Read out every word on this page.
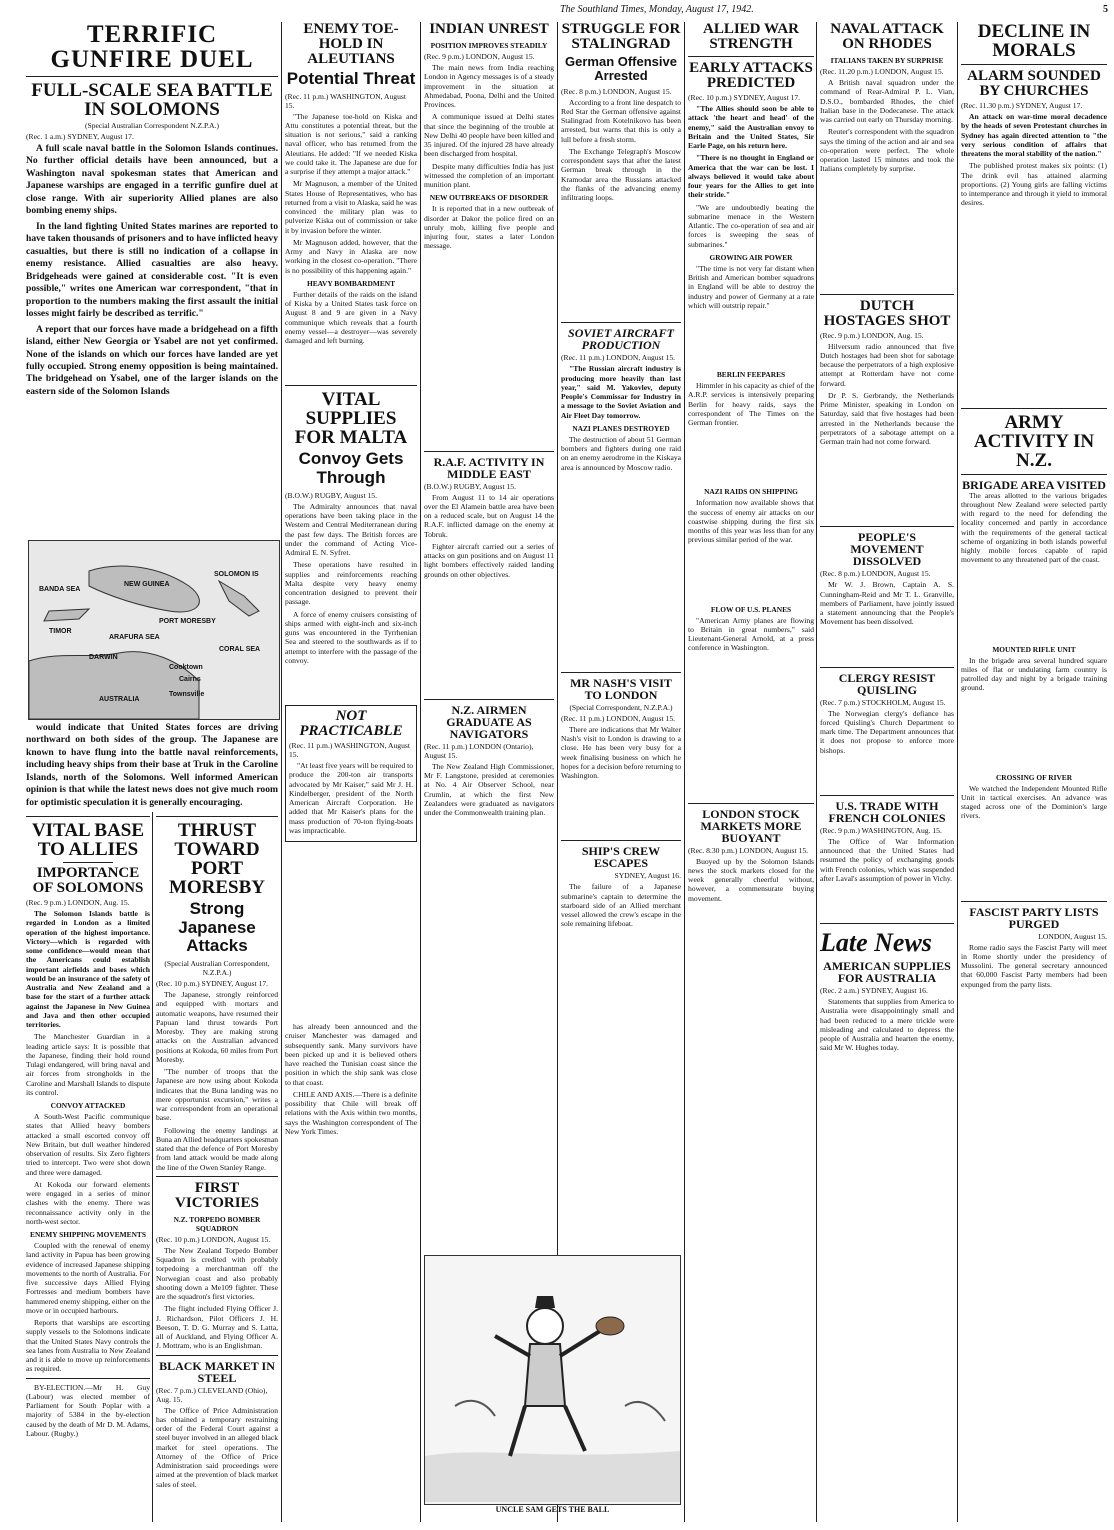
The Southland Times, Monday, August 17, 1942.	5
TERRIFIC GUNFIRE DUEL
FULL-SCALE SEA BATTLE IN SOLOMONS
(Special Australian Correspondent N.Z.P.A.)
(Rec. 1 a.m.) SYDNEY, August 17.

A full scale naval battle in the Solomon Islands continues. No further official details have been announced, but a Washington naval spokesman states that American and Japanese warships are engaged in a terrific gunfire duel at close range. With air superiority Allied planes are also bombing enemy ships.

In the land fighting United States marines are reported to have taken thousands of prisoners and to have inflicted heavy casualties, but there is still no indication of a collapse in enemy resistance. Allied casualties are also heavy. Bridgeheads were gained at considerable cost. "It is even possible," writes one American war correspondent, "that in proportion to the numbers making the first assault the initial losses might fairly be described as terrific."

A report that our forces have made a bridgehead on a fifth island, either New Georgia or Ysabel are not yet confirmed. None of the islands on which our forces have landed are yet fully occupied. Strong enemy opposition is being maintained. The bridgehead on Ysabel, one of the larger islands on the eastern side of the Solomon Islands

BANDA SEA
TIMOR
DARWIN
ARAFURA SEA
CORAL SEA
SOLOMON IS
NEW GUINEA
PORT MORESBY
AUSTRALIA
Cooktown
Townsville
Cairns

would indicate that United States forces are driving northward on both sides of the group. The Japanese are known to have flung into the battle naval reinforcements, including heavy ships from their base at Truk in the Caroline Islands, north of the Solomons. Well informed American opinion is that while the latest news does not give much room for optimistic speculation it is generally encouraging.

VITAL BASE TO ALLIES
IMPORTANCE OF SOLOMONS
(Rec. 9 p.m.) LONDON, Aug. 15.

The Solomon Islands battle is regarded in London as a limited operation of the highest importance. Victory—which is regarded with some confidence—would mean that the Americans could establish important airfields and bases which would be an insurance of the safety of Australia and New Zealand and a base for the start of a further attack against the Japanese in New Guinea and Java and then other occupied territories.

The Manchester Guardian in a leading article says: It is possible that the Japanese, finding their hold round Tulagi endangered, will bring naval and air forces from strongholds in the Caroline and Marshall Islands to dispute its control.

CONVOY ATTACKED

A South-West Pacific communique states that Allied heavy bombers attacked a small escorted convoy off New Britain, but dull weather hindered observation of results. Six Zero fighters tried to intercept. Two were shot down and three were damaged.

At Kokoda our forward elements were engaged in a series of minor clashes with the enemy. There was reconnaissance activity only in the north-west sector.

ENEMY SHIPPING MOVEMENTS

Coupled with the renewal of enemy land activity in Papua has been growing evidence of increased Japanese shipping movements to the north of Australia. For five successive days Allied Flying Fortresses and medium bombers have hammered enemy shipping, either on the move or in occupied harbours.

Reports that warships are escorting supply vessels to the Solomons indicate that the United States Navy controls the sea lanes from Australia to New Zealand and it is able to move up reinforcements as required.

BY-ELECTION.—Mr H. Guy (Labour) was elected member of Parliament for South Poplar with a majority of 5384 in the by-election caused by the death of Mr D. M. Adams, Labour. (Rugby.)

THRUST TOWARD PORT MORESBY
Strong Japanese Attacks
(Special Australian Correspondent, N.Z.P.A.)
(Rec. 10 p.m.) SYDNEY, August 17.

The Japanese, strongly reinforced and equipped with mortars and automatic weapons, have resumed their Papuan land thrust towards Port Moresby. They are making strong attacks on the Australian advanced positions at Kokoda, 60 miles from Port Moresby.

"The number of troops that the Japanese are now using about Kokoda indicates that the Buna landing was no mere opportunist excursion," writes a war correspondent from an operational base.

Following the enemy landings at Buna an Allied headquarters spokesman stated that the defence of Port Moresby from land attack would be made along the line of the Owen Stanley Range.

FIRST VICTORIES
N.Z. TORPEDO BOMBER SQUADRON
(Rec. 10 p.m.) LONDON, August 15.

The New Zealand Torpedo Bomber Squadron is credited with probably torpedoing a merchantman off the Norwegian coast and also probably shooting down a Me109 fighter. These are the squadron's first victories.

The flight included Flying Officer J. J. Richardson, Pilot Officers J. H. Beeson, T. D. G. Murray and S. Latta, all of Auckland, and Flying Officer A. J. Mottram, who is an Englishman.

BLACK MARKET IN STEEL
(Rec. 7 p.m.) CLEVELAND (Ohio), Aug. 15.

The Office of Price Administration has obtained a temporary restraining order of the Federal Court against a steel buyer involved in an alleged black market for steel operations. The Attorney of the Office of Price Administration said proceedings were aimed at the prevention of black market sales of steel.

ENEMY TOE-HOLD IN ALEUTIANS
Potential Threat
(Rec. 11 p.m.) WASHINGTON, August 15.

"The Japanese toe-hold on Kiska and Attu constitutes a potential threat, but the situation is not serious," said a ranking naval officer, who has returned from the Aleutians. He added: "If we needed Kiska we could take it. The Japanese are due for a surprise if they attempt a major attack."

Mr Magnuson, a member of the United States House of Representatives, who has returned from a visit to Alaska, said he was convinced the military plan was to pulverize Kiska out of commission or take it by invasion before the winter.

Mr Magnuson added, however, that the Army and Navy in Alaska are now working in the closest co-operation. "There is no possibility of this happening again."

HEAVY BOMBARDMENT

Further details of the raids on the island of Kiska by a United States task force on August 8 and 9 are given in a Navy communique which reveals that a fourth enemy vessel—a destroyer—was severely damaged and left burning.

VITAL SUPPLIES FOR MALTA
Convoy Gets Through
(B.O.W.) RUGBY, August 15.

The Admiralty announces that naval operations have been taking place in the Western and Central Mediterranean during the past few days. The British forces are under the command of Acting Vice-Admiral E. N. Syfret.

These operations have resulted in supplies and reinforcements reaching Malta despite very heavy enemy concentration designed to prevent their passage.

A force of enemy cruisers consisting of ships armed with eight-inch and six-inch guns was encountered in the Tyrrhenian Sea and steered to the southwards as if to attempt to interfere with the passage of the convoy.

NOT PRACTICABLE
(Rec. 11 p.m.) WASHINGTON, August 15.

"At least five years will be required to produce the 200-ton air transports advocated by Mr Kaiser," said Mr J. H. Kindelberger, president of the North American Aircraft Corporation. He added that Mr Kaiser's plans for the mass production of 70-ton flying-boats was impracticable.

has already been announced and the cruiser Manchester was damaged and subsequently sank. Many survivors have been picked up and it is believed others have reached the Tunisian coast since the position in which the ship sank was close to that coast.

CHILE AND AXIS.—There is a definite possibility that Chile will break off relations with the Axis within two months, says the Washington correspondent of The New York Times.

INDIAN UNREST
POSITION IMPROVES STEADILY
(Rec. 9 p.m.) LONDON, August 15.

The main news from India reaching London in Agency messages is of a steady improvement in the situation at Ahmedabad, Poona, Delhi and the United Provinces.

A communique issued at Delhi states that since the beginning of the trouble at New Delhi 40 people have been killed and 35 injured. Of the injured 28 have already been discharged from hospital.

Despite many difficulties India has just witnessed the completion of an important munition plant.

NEW OUTBREAKS OF DISORDER

It is reported that in a new outbreak of disorder at Dakor the police fired on an unruly mob, killing five people and injuring four, states a later London message.

R.A.F. ACTIVITY IN MIDDLE EAST
(B.O.W.) RUGBY, August 15.

From August 11 to 14 air operations over the El Alamein battle area have been on a reduced scale, but on August 14 the R.A.F. inflicted damage on the enemy at Tobruk.

Fighter aircraft carried out a series of attacks on gun positions and on August 11 light bombers effectively raided landing grounds on other objectives.

N.Z. AIRMEN GRADUATE AS NAVIGATORS
(Rec. 11 p.m.) LONDON (Ontario), August 15.

The New Zealand High Commissioner, Mr F. Langstone, presided at ceremonies at No. 4 Air Observer School, near Crumlin, at which the first New Zealanders were graduated as navigators under the Commonwealth training plan.

STRUGGLE FOR STALINGRAD
German Offensive Arrested
(Rec. 8 p.m.) LONDON, August 15.

According to a front line despatch to Red Star the German offensive against Stalingrad from Kotelnikovo has been arrested, but warns that this is only a lull before a fresh storm.

The Exchange Telegraph's Moscow correspondent says that after the latest German break through in the Kramodar area the Russians attacked the flanks of the advancing enemy infiltrating loops.

SOVIET AIRCRAFT PRODUCTION
(Rec. 11 p.m.) LONDON, August 15.

"The Russian aircraft industry is producing more heavily than last year," said M. Yakovlev, deputy People's Commissar for Industry in a message to the Soviet Aviation and Air Fleet Day tomorrow.

NAZI PLANES DESTROYED

The destruction of about 51 German bombers and fighters during one raid on an enemy aerodrome in the Kiskaya area is announced by Moscow radio.

MR NASH'S VISIT TO LONDON
(Special Correspondent, N.Z.P.A.)
(Rec. 11 p.m.) LONDON, August 15.

There are indications that Mr Walter Nash's visit to London is drawing to a close. He has been very busy for a week finalising business on which he hopes for a decision before returning to Washington.

SHIP'S CREW ESCAPES
SYDNEY, August 16.

The failure of a Japanese submarine's captain to determine the starboard side of an Allied merchant vessel allowed the crew's escape in the sole remaining lifeboat.

UNCLE SAM GETS THE BALL
ALLIED WAR STRENGTH
EARLY ATTACKS PREDICTED
(Rec. 10 p.m.) SYDNEY, August 17.

"The Allies should soon be able to attack 'the heart and head' of the enemy," said the Australian envoy to Britain and the United States, Sir Earle Page, on his return here.

"There is no thought in England or America that the war can be lost. I always believed it would take about four years for the Allies to get into their stride."

"We are undoubtedly beating the submarine menace in the Western Atlantic. The co-operation of sea and air forces is sweeping the seas of submarines."

GROWING AIR POWER

"The time is not very far distant when British and American bomber squadrons in England will be able to destroy the industry and power of Germany at a rate which will outstrip repair."

BERLIN FEEPARES

Himmler in his capacity as chief of the A.R.P. services is intensively preparing Berlin for heavy raids, says the correspondent of The Times on the German frontier.

NAZI RAIDS ON SHIPPING

Information now available shows that the success of enemy air attacks on our coastwise shipping during the first six months of this year was less than for any previous similar period of the war.

FLOW OF U.S. PLANES

"American Army planes are flowing to Britain in great numbers," said Lieutenant-General Arnold, at a press conference in Washington.

LONDON STOCK MARKETS MORE BUOYANT
(Rec. 8.30 p.m.) LONDON, August 15.

Buoyed up by the Solomon Islands news the stock markets closed for the week generally cheerful without, however, a commensurate buying movement.

NAVAL ATTACK ON RHODES
ITALIANS TAKEN BY SURPRISE
(Rec. 11.20 p.m.) LONDON, August 15.

A British naval squadron under the command of Rear-Admiral P. L. Vian, D.S.O., bombarded Rhodes, the chief Italian base in the Dodecanese. The attack was carried out early on Thursday morning.

Reuter's correspondent with the squadron says the timing of the action and air and sea co-operation were perfect. The whole operation lasted 15 minutes and took the Italians completely by surprise.

DUTCH HOSTAGES SHOT
(Rec. 9 p.m.) LONDON, Aug. 15.

Hilversum radio announced that five Dutch hostages had been shot for sabotage because the perpetrators of a high explosive attempt at Rotterdam have not come forward.

Dr P. S. Gerbrandy, the Netherlands Prime Minister, speaking in London on Saturday, said that five hostages had been arrested in the Netherlands because the perpetrators of a sabotage attempt on a German train had not come forward.

PEOPLE'S MOVEMENT DISSOLVED
(Rec. 8 p.m.) LONDON, August 15.

Mr W. J. Brown, Captain A. S. Cunningham-Reid and Mr T. L. Granville, members of Parliament, have jointly issued a statement announcing that the People's Movement has been dissolved.

CLERGY RESIST QUISLING
(Rec. 7 p.m.) STOCKHOLM, August 15.

The Norwegian clergy's defiance has forced Quisling's Church Department to mark time. The Department announces that it does not propose to enforce more bishops.

U.S. TRADE WITH FRENCH COLONIES
(Rec. 9 p.m.) WASHINGTON, Aug. 15.

The Office of War Information announced that the United States had resumed the policy of exchanging goods with French colonies, which was suspended after Laval's assumption of power in Vichy.

Late News
AMERICAN SUPPLIES FOR AUSTRALIA
(Rec. 2 a.m.) SYDNEY, August 16.

Statements that supplies from America to Australia were disappointingly small and had been reduced to a mere trickle were misleading and calculated to depress the people of Australia and hearten the enemy, said Mr W. Hughes today.

DECLINE IN MORALS
ALARM SOUNDED BY CHURCHES
(Rec. 11.30 p.m.) SYDNEY, August 17.

An attack on war-time moral decadence by the heads of seven Protestant churches in Sydney has again directed attention to "the very serious condition of affairs that threatens the moral stability of the nation."

The published protest makes six points: (1) The drink evil has attained alarming proportions. (2) Young girls are falling victims to intemperance and through it yield to immoral desires.

ARMY ACTIVITY IN N.Z.
BRIGADE AREA VISITED

The areas allotted to the various brigades throughout New Zealand were selected partly with regard to the need for defending the locality concerned and partly in accordance with the requirements of the general tactical scheme of organizing in both islands powerful highly mobile forces capable of rapid movement to any threatened part of the coast.

MOUNTED RIFLE UNIT

In the brigade area several hundred square miles of flat or undulating farm country is patrolled day and night by a brigade training ground.

CROSSING OF RIVER

We watched the Independent Mounted Rifle Unit in tactical exercises. An advance was staged across one of the Dominion's large rivers.

FASCIST PARTY LISTS PURGED
LONDON, August 15.

Rome radio says the Fascist Party will meet in Rome shortly under the presidency of Mussolini. The general secretary announced that 60,000 Fascist Party members had been expunged from the party lists.
